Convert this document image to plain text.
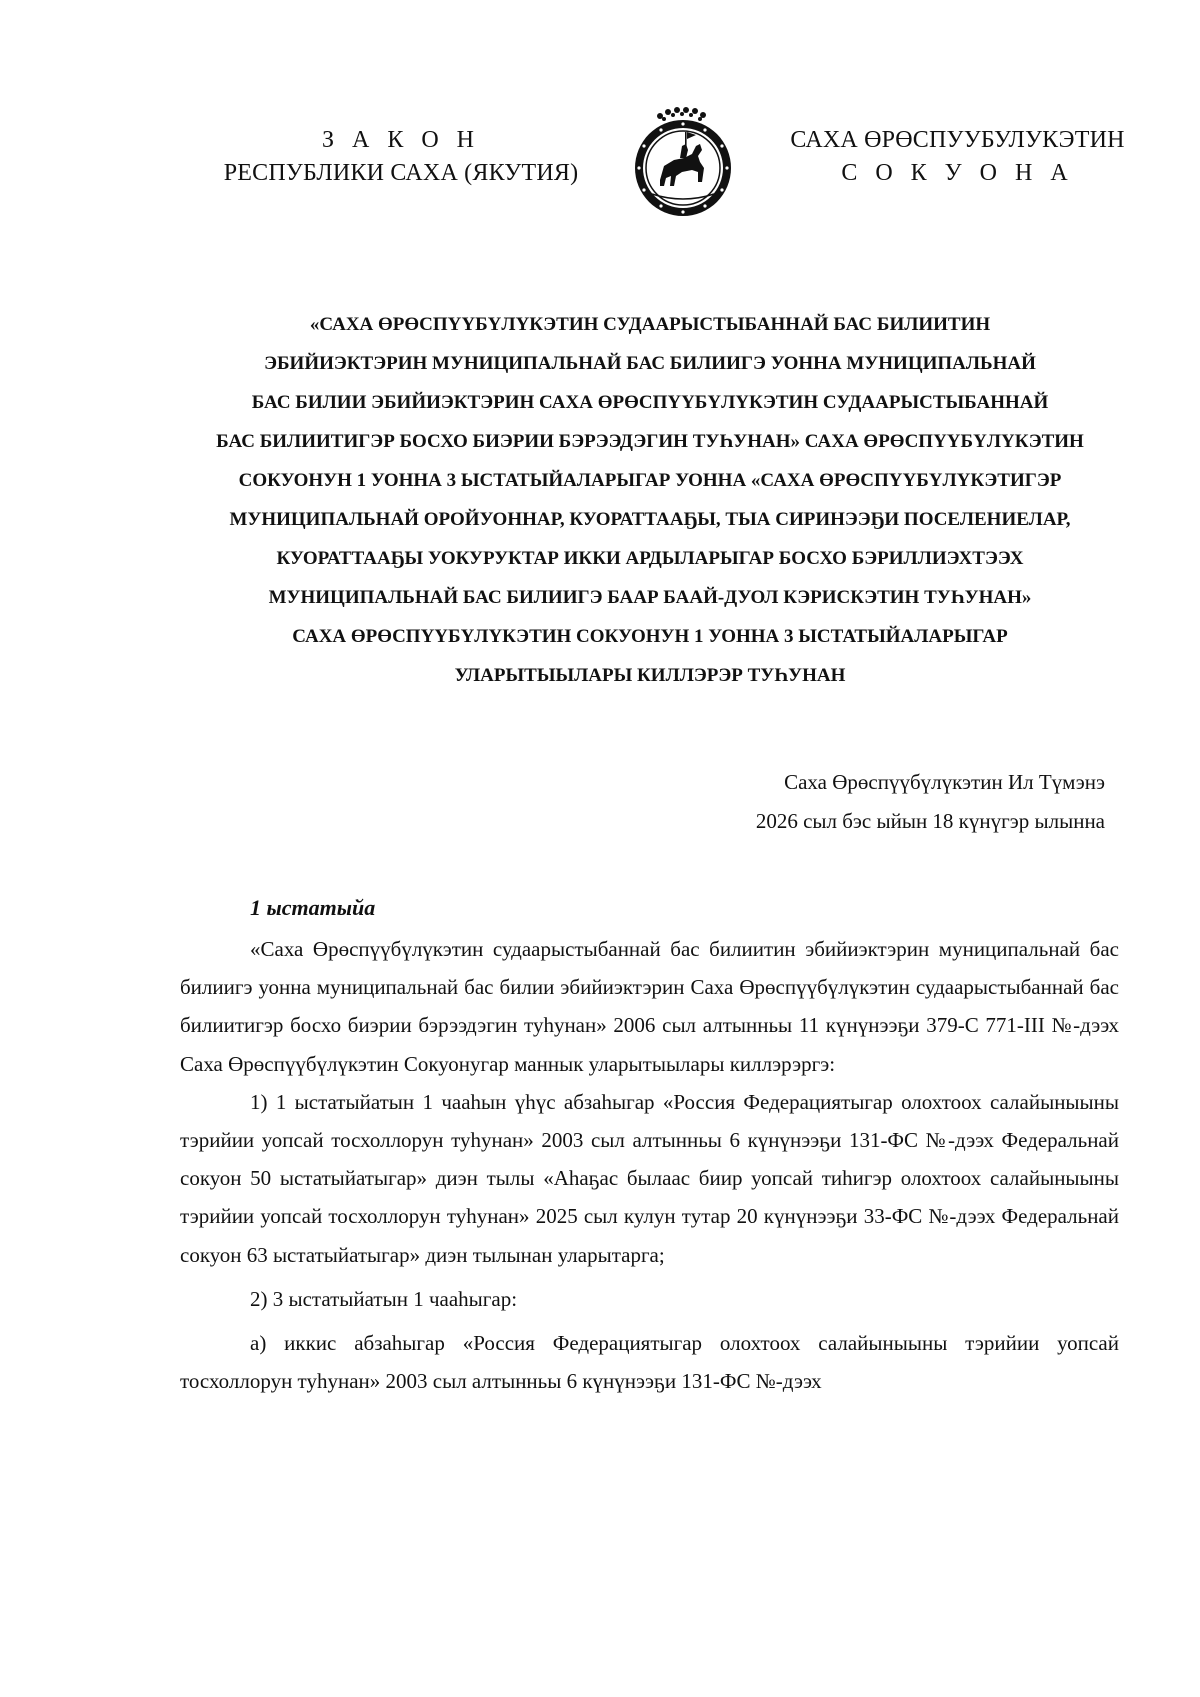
З А К О Н
РЕСПУБЛИКИ САХА (ЯКУТИЯ)
САХА ӨРӨСПУУБУЛУКЭТИН
С О К У О Н А
«САХА ӨРӨСПҮҮБҮЛҮКЭТИН СУДААРЫСТЫБАННАЙ БАС БИЛИИТИН
ЭБИЙИЭКТЭРИН МУНИЦИПАЛЬНАЙ БАС БИЛИИГЭ УОННА МУНИЦИПАЛЬНАЙ
БАС БИЛИИ ЭБИЙИЭКТЭРИН САХА ӨРӨСПҮҮБҮЛҮКЭТИН СУДААРЫСТЫБАННАЙ
БАС БИЛИИТИГЭР БОСХО БИЭРИИ БЭРЭЭДЭГИН ТУҺУНАН» САХА ӨРӨСПҮҮБҮЛҮКЭТИН
СОКУОНУН 1 УОННА 3 ЫСТАТЫЙАЛАРЫГАР УОННА «САХА ӨРӨСПҮҮБҮЛҮКЭТИГЭР
МУНИЦИПАЛЬНАЙ ОРОЙУОННАР, КУОРАТТААҔЫ, ТЫА СИРИНЭЭҔИ ПОСЕЛЕНИЕЛАР,
КУОРАТТААҔЫ УОКУРУКТАР ИККИ АРДЫЛАРЫГАР БОСХО БЭРИЛЛИЭХТЭЭХ
МУНИЦИПАЛЬНАЙ БАС БИЛИИГЭ БААР БААЙ-ДУОЛ КЭРИСКЭТИН ТУҺУНАН»
САХА ӨРӨСПҮҮБҮЛҮКЭТИН СОКУОНУН 1 УОННА 3 ЫСТАТЫЙАЛАРЫГАР
УЛАРЫТЫЫЛАРЫ КИЛЛЭРЭР ТУҺУНАН
Саха Өрөспүүбүлүкэтин Ил Түмэнэ
2026 сыл бэс ыйын 18 күнүгэр ылынна
1 ыстатыйа

«Саха Өрөспүүбүлүкэтин судаарыстыбаннай бас билиитин эбийиэктэрин муниципальнай бас билиигэ уонна муниципальнай бас билии эбийиэктэрин Саха Өрөспүүбүлүкэтин судаарыстыбаннай бас билиитигэр босхо биэрии бэрээдэгин туһунан» 2006 сыл алтынньы 11 күнүнээҕи 379-С 771-III №-дээх Саха Өрөспүүбүлүкэтин Сокуонугар маннык уларытыылары киллэрэргэ:

1) 1 ыстатыйатын 1 чааһын үһүс абзаһыгар «Россия Федерациятыгар олохтоох салайыныыны тэрийии уопсай тосхоллорун туһунан» 2003 сыл алтынньы 6 күнүнээҕи 131-ФС №-дээх Федеральнай сокуон 50 ыстатыйатыгар» диэн тылы «Аһаҕас былаас биир уопсай тиһигэр олохтоох салайыныыны тэрийии уопсай тосхоллорун туһунан» 2025 сыл кулун тутар 20 күнүнээҕи 33-ФС №-дээх Федеральнай сокуон 63 ыстатыйатыгар» диэн тылынан уларытарга;

2) 3 ыстатыйатын 1 чааһыгар:

а) иккис абзаһыгар «Россия Федерациятыгар олохтоох салайыныыны тэрийии уопсай тосхоллорун туһунан» 2003 сыл алтынньы 6 күнүнээҕи 131-ФС №-дээх
